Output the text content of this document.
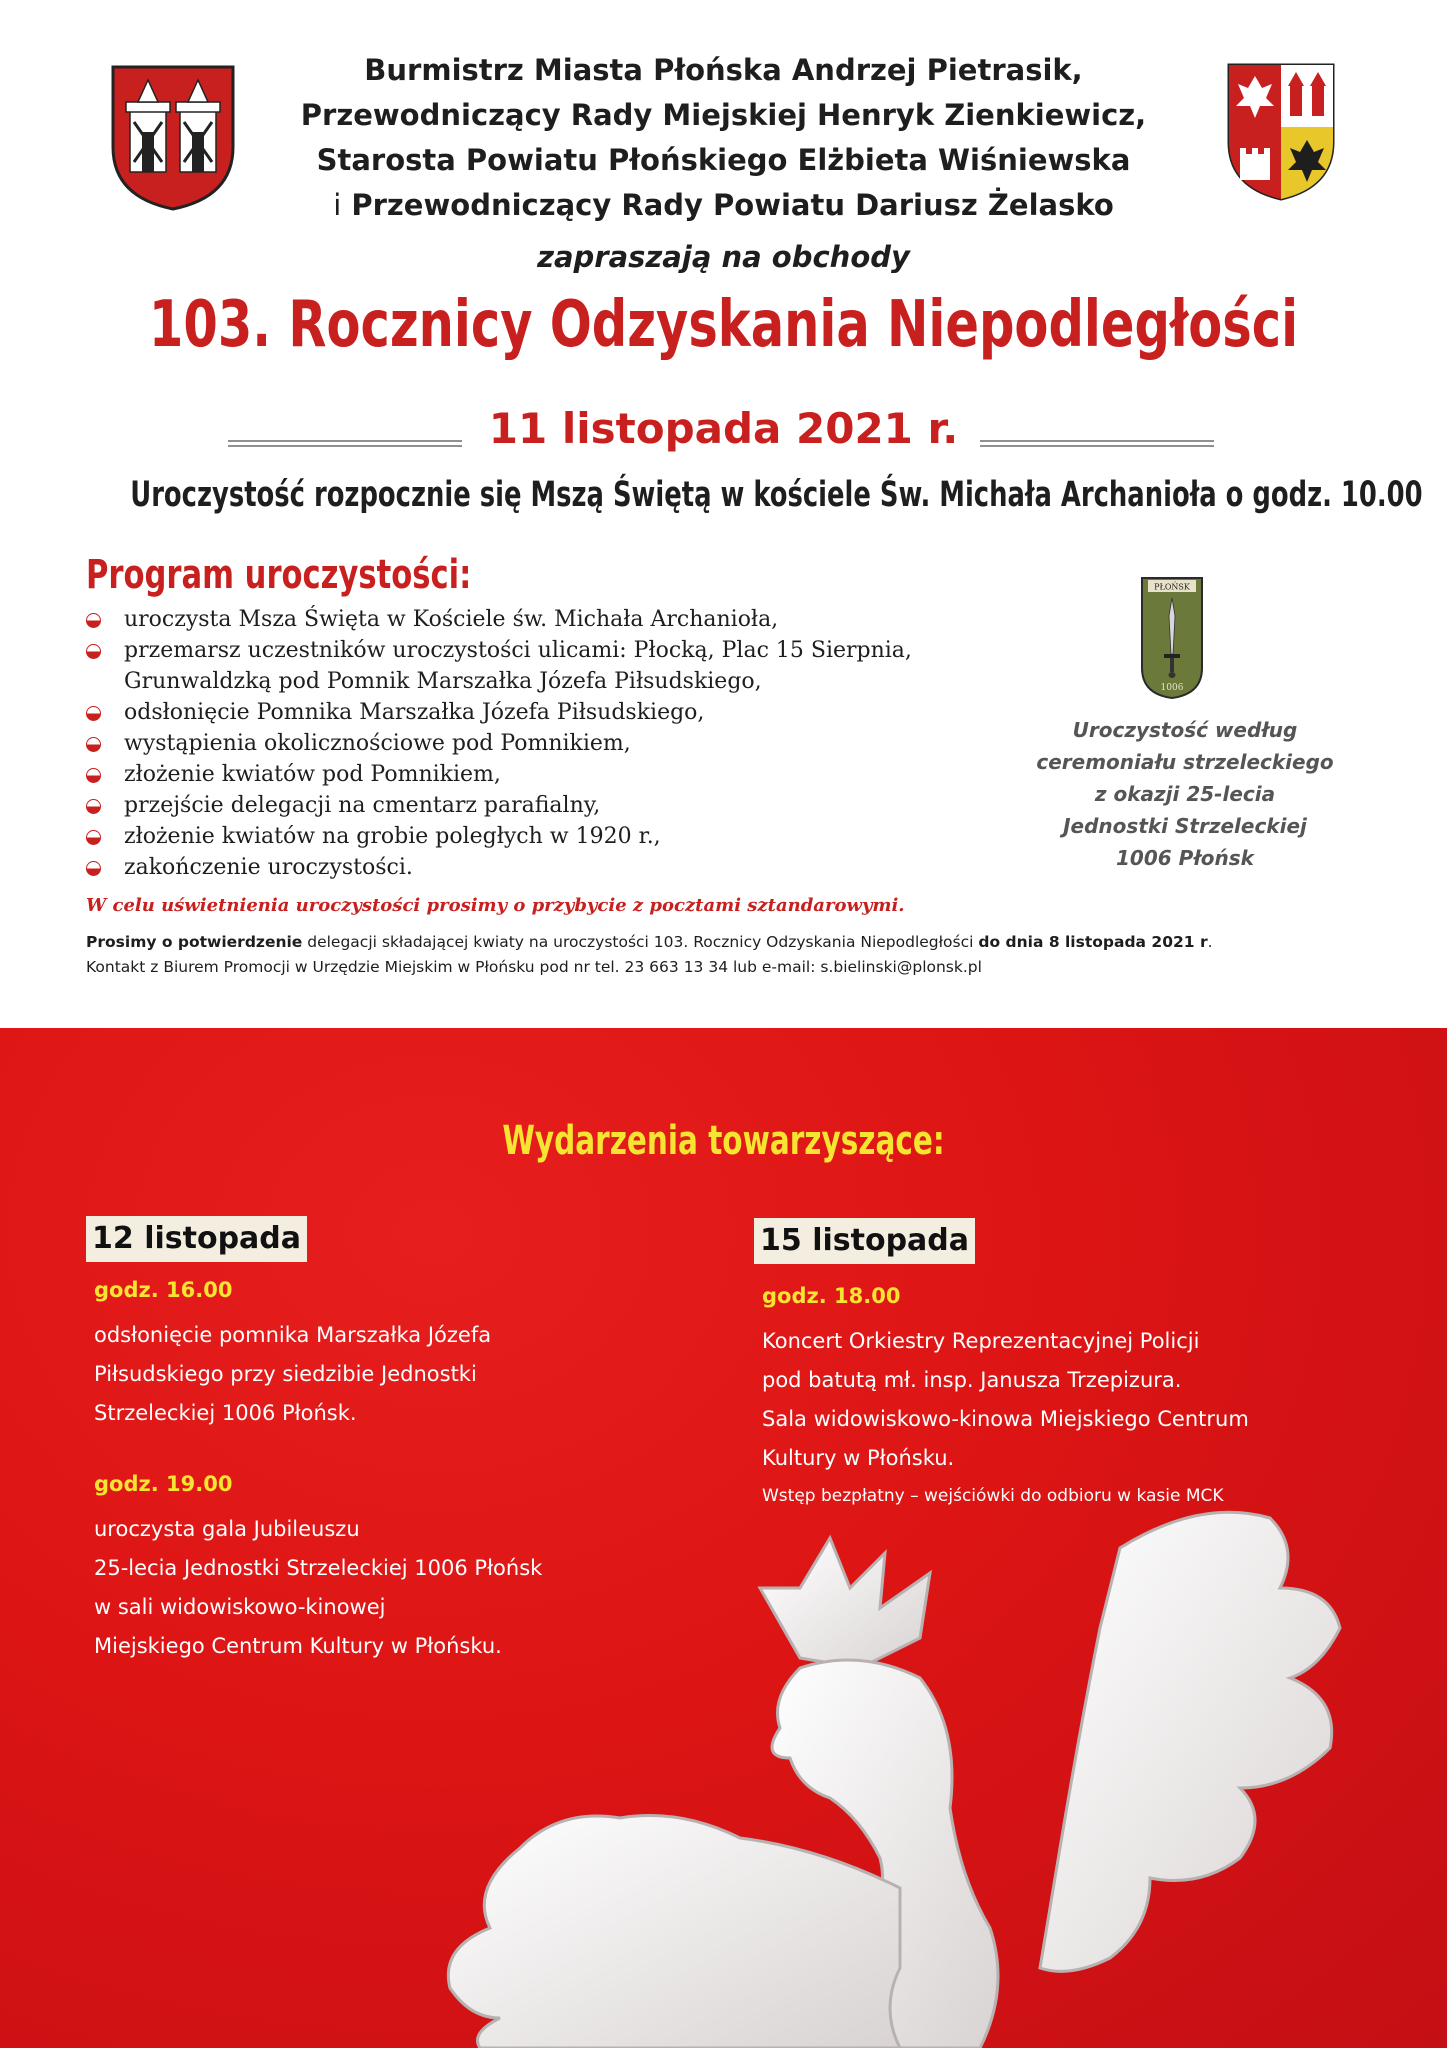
Burmistrz Miasta Płońska Andrzej Pietrasik,
Przewodniczący Rady Miejskiej Henryk Zienkiewicz,
Starosta Powiatu Płońskiego Elżbieta Wiśniewska
i Przewodniczący Rady Powiatu Dariusz Żelasko
zapraszają na obchody
103. Rocznicy Odzyskania Niepodległości
11 listopada 2021 r.
Uroczystość rozpocznie się Mszą Świętą w kościele Św. Michała Archanioła o godz. 10.00
Program uroczystości:
uroczysta Msza Święta w Kościele św. Michała Archanioła,
przemarsz uczestników uroczystości ulicami: Płocką, Plac 15 Sierpnia,
Grunwaldzką pod Pomnik Marszałka Józefa Piłsudskiego,
odsłonięcie Pomnika Marszałka Józefa Piłsudskiego,
wystąpienia okolicznościowe pod Pomnikiem,
złożenie kwiatów pod Pomnikiem,
przejście delegacji na cmentarz parafialny,
złożenie kwiatów na grobie poległych w 1920 r.,
zakończenie uroczystości.
PŁOŃSK
1006
Uroczystość według
ceremoniału strzeleckiego
z okazji 25-lecia
Jednostki Strzeleckiej
1006 Płońsk
W celu uświetnienia uroczystości prosimy o przybycie z pocztami sztandarowymi.
Prosimy o potwierdzenie delegacji składającej kwiaty na uroczystości 103. Rocznicy Odzyskania Niepodległości do dnia 8 listopada 2021 r.
Kontakt z Biurem Promocji w Urzędzie Miejskim w Płońsku pod nr tel. 23 663 13 34 lub e-mail: s.bielinski@plonsk.pl
Wydarzenia towarzyszące:
12 listopada
godz. 16.00
odsłonięcie pomnika Marszałka Józefa
Piłsudskiego przy siedzibie Jednostki
Strzeleckiej 1006 Płońsk.
godz. 19.00
uroczysta gala Jubileuszu
25-lecia Jednostki Strzeleckiej 1006 Płońsk
w sali widowiskowo-kinowej
Miejskiego Centrum Kultury w Płońsku.
15 listopada
godz. 18.00
Koncert Orkiestry Reprezentacyjnej Policji
pod batutą mł. insp. Janusza Trzepizura.
Sala widowiskowo-kinowa Miejskiego Centrum
Kultury w Płońsku.
Wstęp bezpłatny – wejściówki do odbioru w kasie MCK
